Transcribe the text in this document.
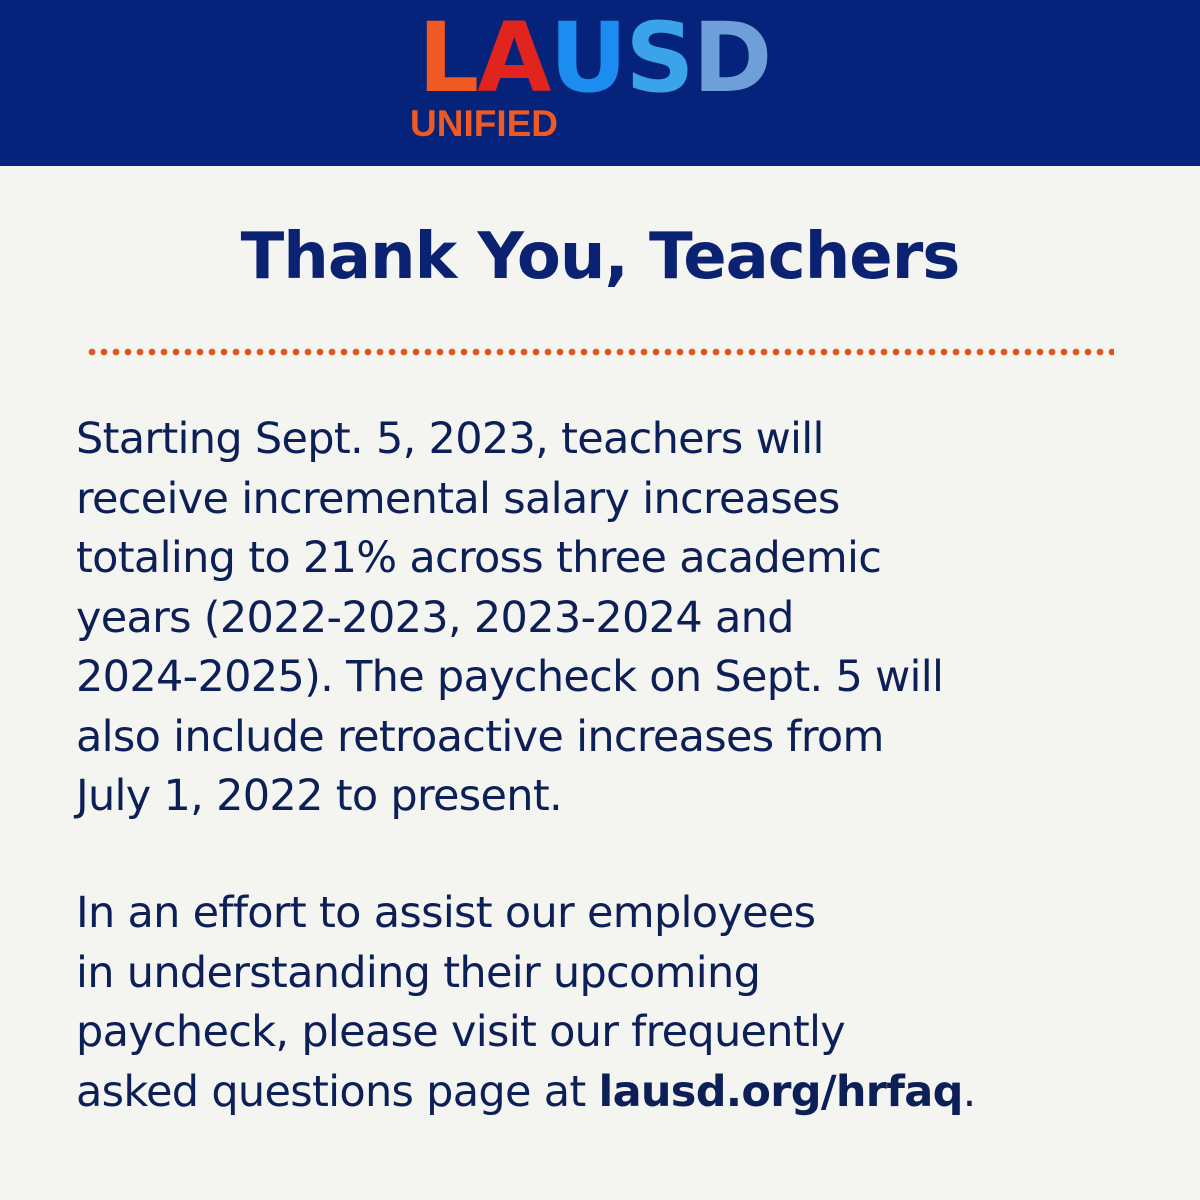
LAUSD
UNIFIED
Thank You, Teachers

Starting Sept. 5, 2023, teachers will
receive incremental salary increases
totaling to 21% across three academic
years (2022-2023, 2023-2024 and
2024-2025). The paycheck on Sept. 5 will
also include retroactive increases from
July 1, 2022 to present.

In an effort to assist our employees
in understanding their upcoming
paycheck, please visit our frequently
asked questions page at lausd.org/hrfaq.
